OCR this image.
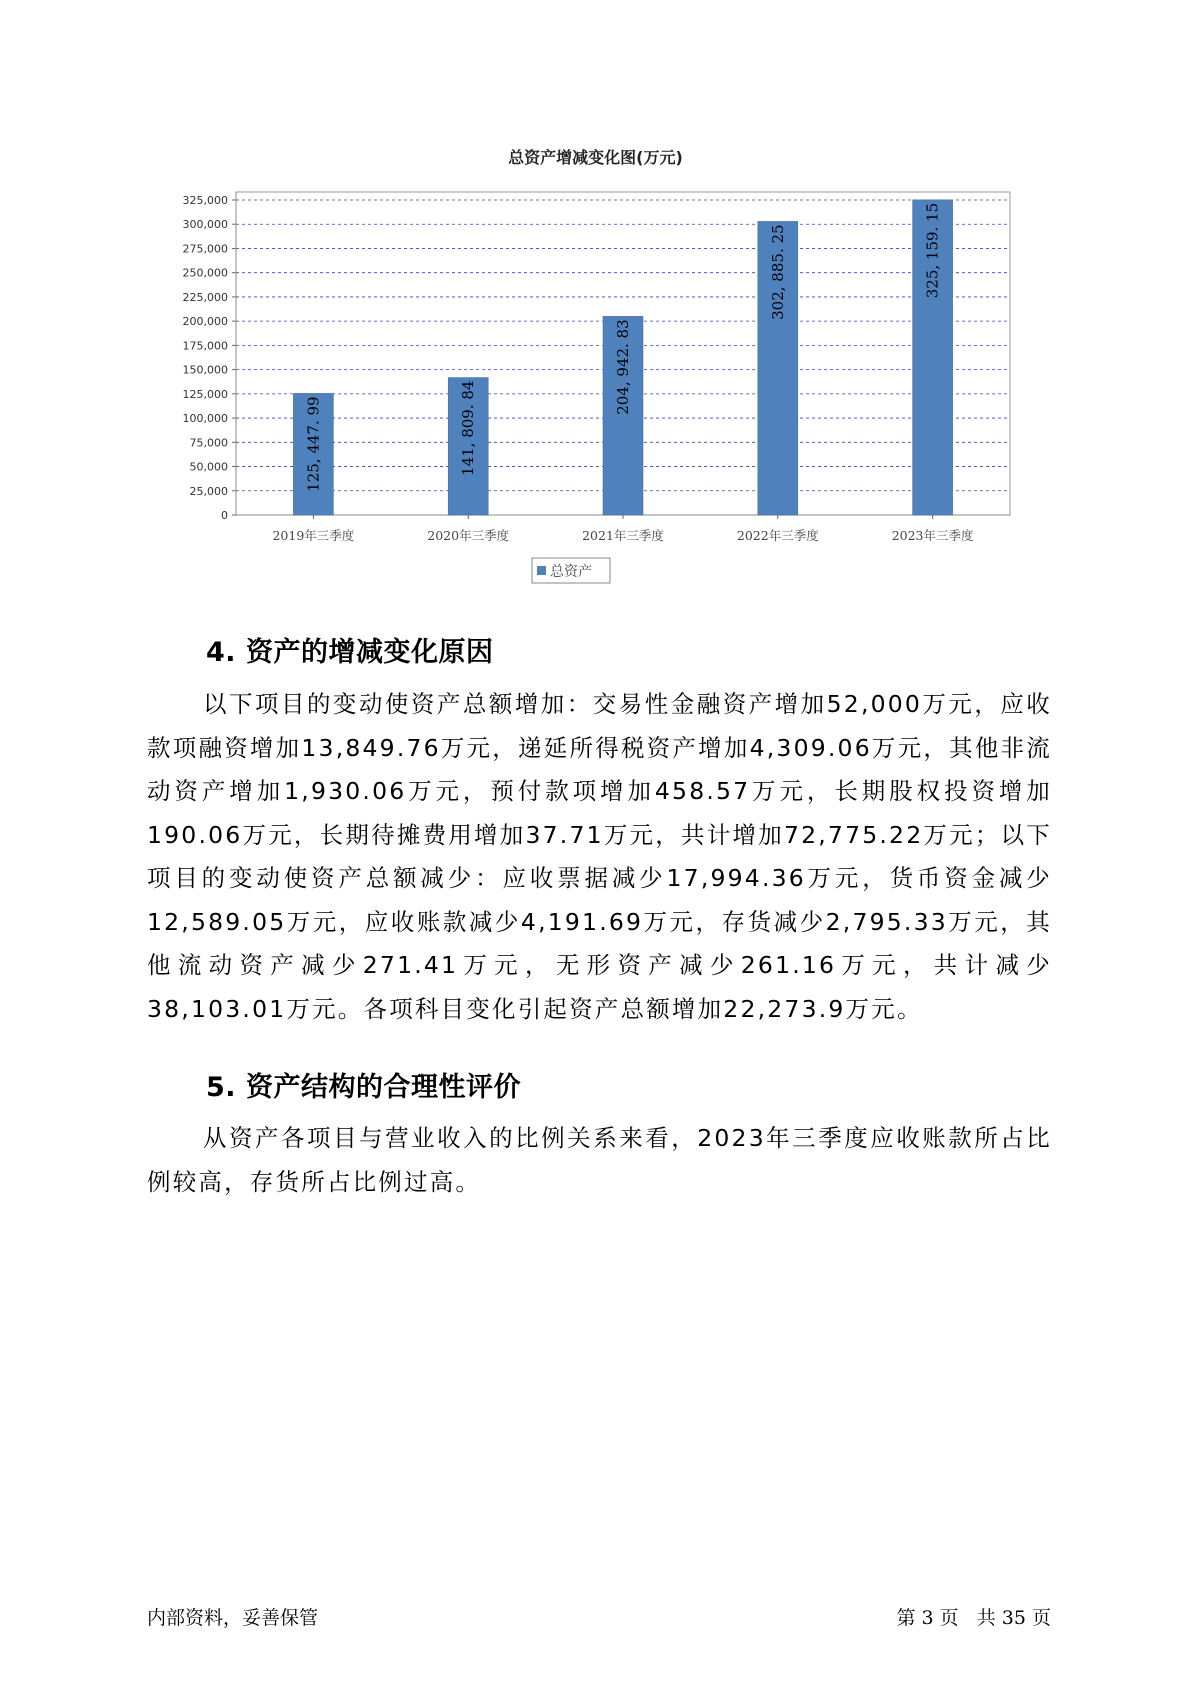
总资产增减变化图(万元)
0
25,000
50,000
75,000
100,000
125,000
150,000
175,000
200,000
225,000
250,000
275,000
300,000
325,000
125, 447. 99
2019年三季度
141, 809. 84
2020年三季度
204, 942. 83
2021年三季度
302, 885. 25
2022年三季度
325, 159. 15
2023年三季度
总资产
4. 资产的增减变化原因

以下项目的变动使资产总额增加：交易性金融资产增加52,000万元，应收款项融资增加13,849.76万元，递延所得税资产增加4,309.06万元，其他非流动资产增加1,930.06万元，预付款项增加458.57万元，长期股权投资增加190.06万元，长期待摊费用增加37.71万元，共计增加72,775.22万元；以下项目的变动使资产总额减少：应收票据减少17,994.36万元，货币资金减少12,589.05万元，应收账款减少4,191.69万元，存货减少2,795.33万元，其他流动资产减少271.41万元，无形资产减少261.16万元，共计减少38,103.01万元。各项科目变化引起资产总额增加22,273.9万元。

5. 资产结构的合理性评价

从资产各项目与营业收入的比例关系来看，2023年三季度应收账款所占比例较高，存货所占比例过高。

内部资料，妥善保管	第 3 页   共 35 页
